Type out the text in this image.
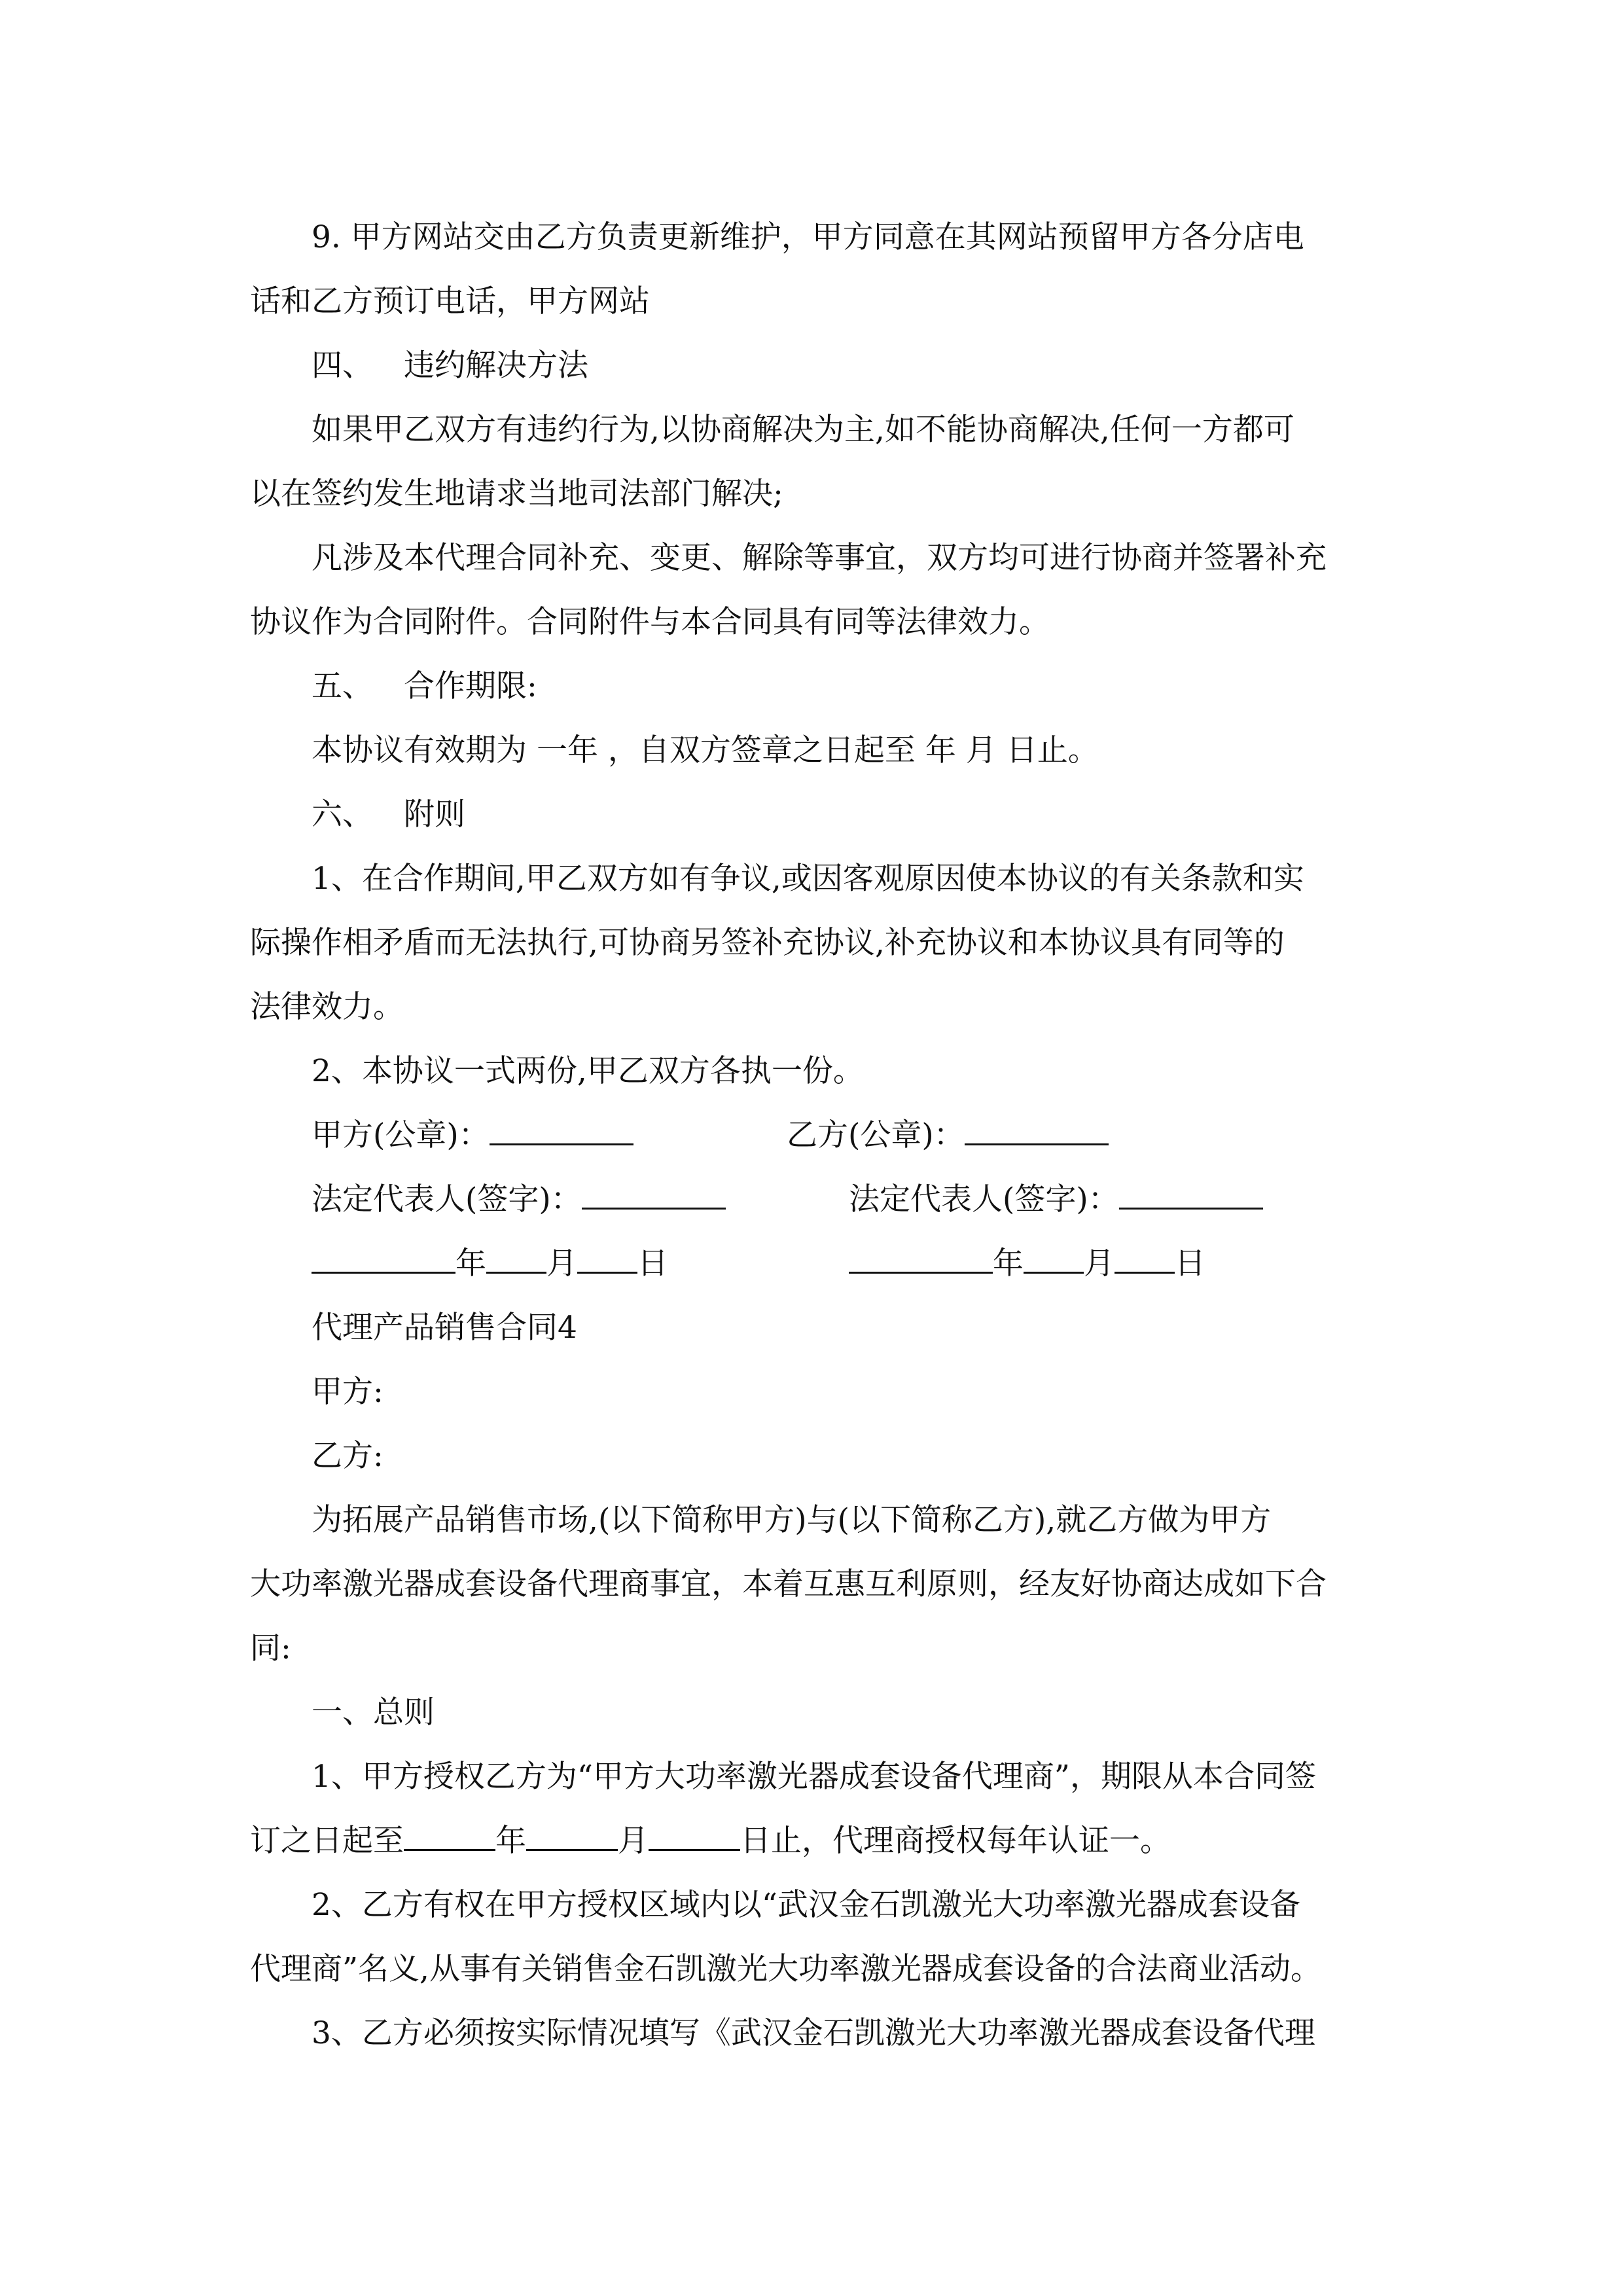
9. 甲方网站交由乙方负责更新维护，甲方同意在其网站预留甲方各分店电

话和乙方预订电话，甲方网站

四、 违约解决方法

如果甲乙双方有违约行为,以协商解决为主,如不能协商解决,任何一方都可

以在签约发生地请求当地司法部门解决;

凡涉及本代理合同补充、变更、解除等事宜，双方均可进行协商并签署补充

协议作为合同附件。合同附件与本合同具有同等法律效力。

五、 合作期限:

本协议有效期为 一年 ，自双方签章之日起至 年 月 日止。

六、 附则

1、在合作期间,甲乙双方如有争议,或因客观原因使本协议的有关条款和实

际操作相矛盾而无法执行,可协商另签补充协议,补充协议和本协议具有同等的

法律效力。

2、本协议一式两份,甲乙双方各执一份。

甲方(公章)：	乙方(公章)：
法定代表人(签字)：	法定代表人(签字)：
年 月 日	年 月 日

代理产品销售合同4

甲方:

乙方:

为拓展产品销售市场,(以下简称甲方)与(以下简称乙方),就乙方做为甲方

大功率激光器成套设备代理商事宜，本着互惠互利原则，经友好协商达成如下合

同:

一、总则

1、甲方授权乙方为“甲方大功率激光器成套设备代理商”，期限从本合同签

订之日起至	年	月	日止，代理商授权每年认证一。

2、乙方有权在甲方授权区域内以“武汉金石凯激光大功率激光器成套设备

代理商”名义,从事有关销售金石凯激光大功率激光器成套设备的合法商业活动。

3、乙方必须按实际情况填写《武汉金石凯激光大功率激光器成套设备代理
